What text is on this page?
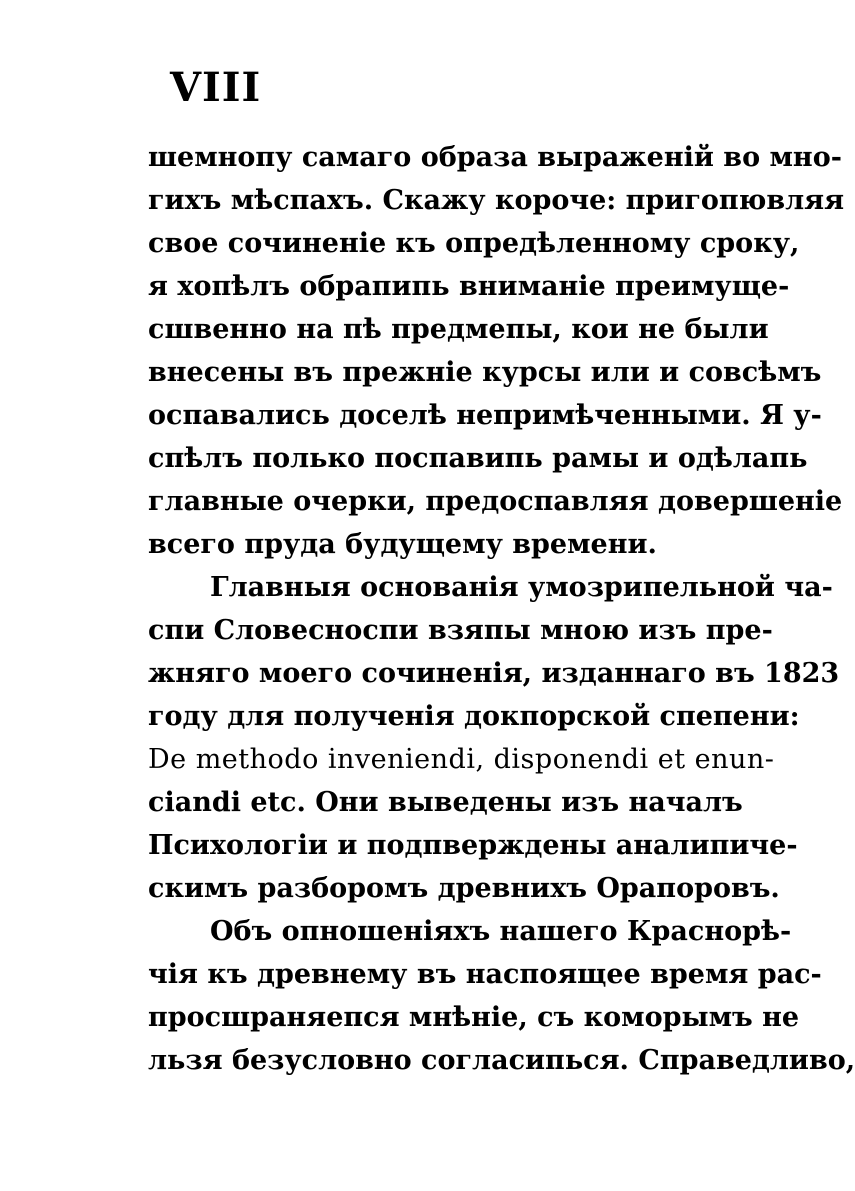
VIII
шемнопу самаго образа выраженій во мно-
гихъ мѣспахъ. Скажу короче: пригопювляя
свое сочиненіе къ опредѣленному сроку,
я хопѣлъ обрапипь вниманіе преимуще-
сшвенно на пѣ предмепы, кои не были
внесены въ прежніе курсы или и совсѣмъ
оспавались доселѣ непримѣченными. Я у-
спѣлъ полько поспавипь рамы и одѣлапь
главные очерки, предоспавляя довершеніе
всего пруда будущему времени.
Главныя основанія умозрипельной ча-
спи Словесноспи взяпы мною изъ пре-
жняго моего сочиненія, изданнаго въ 1823
году для полученія докпорской спепени:
De methodo inveniendi, disponendi et enun-
ciandi etc. Они выведены изъ началъ
Психологіи и подпверждены аналипиче-
скимъ разборомъ древнихъ Орапоровъ.
Объ опношеніяхъ нашего Краснорѣ-
чія къ древнему въ наспоящее время рас-
просшраняепся мнѣніе, съ коморымъ не
льзя безусловно согласипься. Справедливо,
